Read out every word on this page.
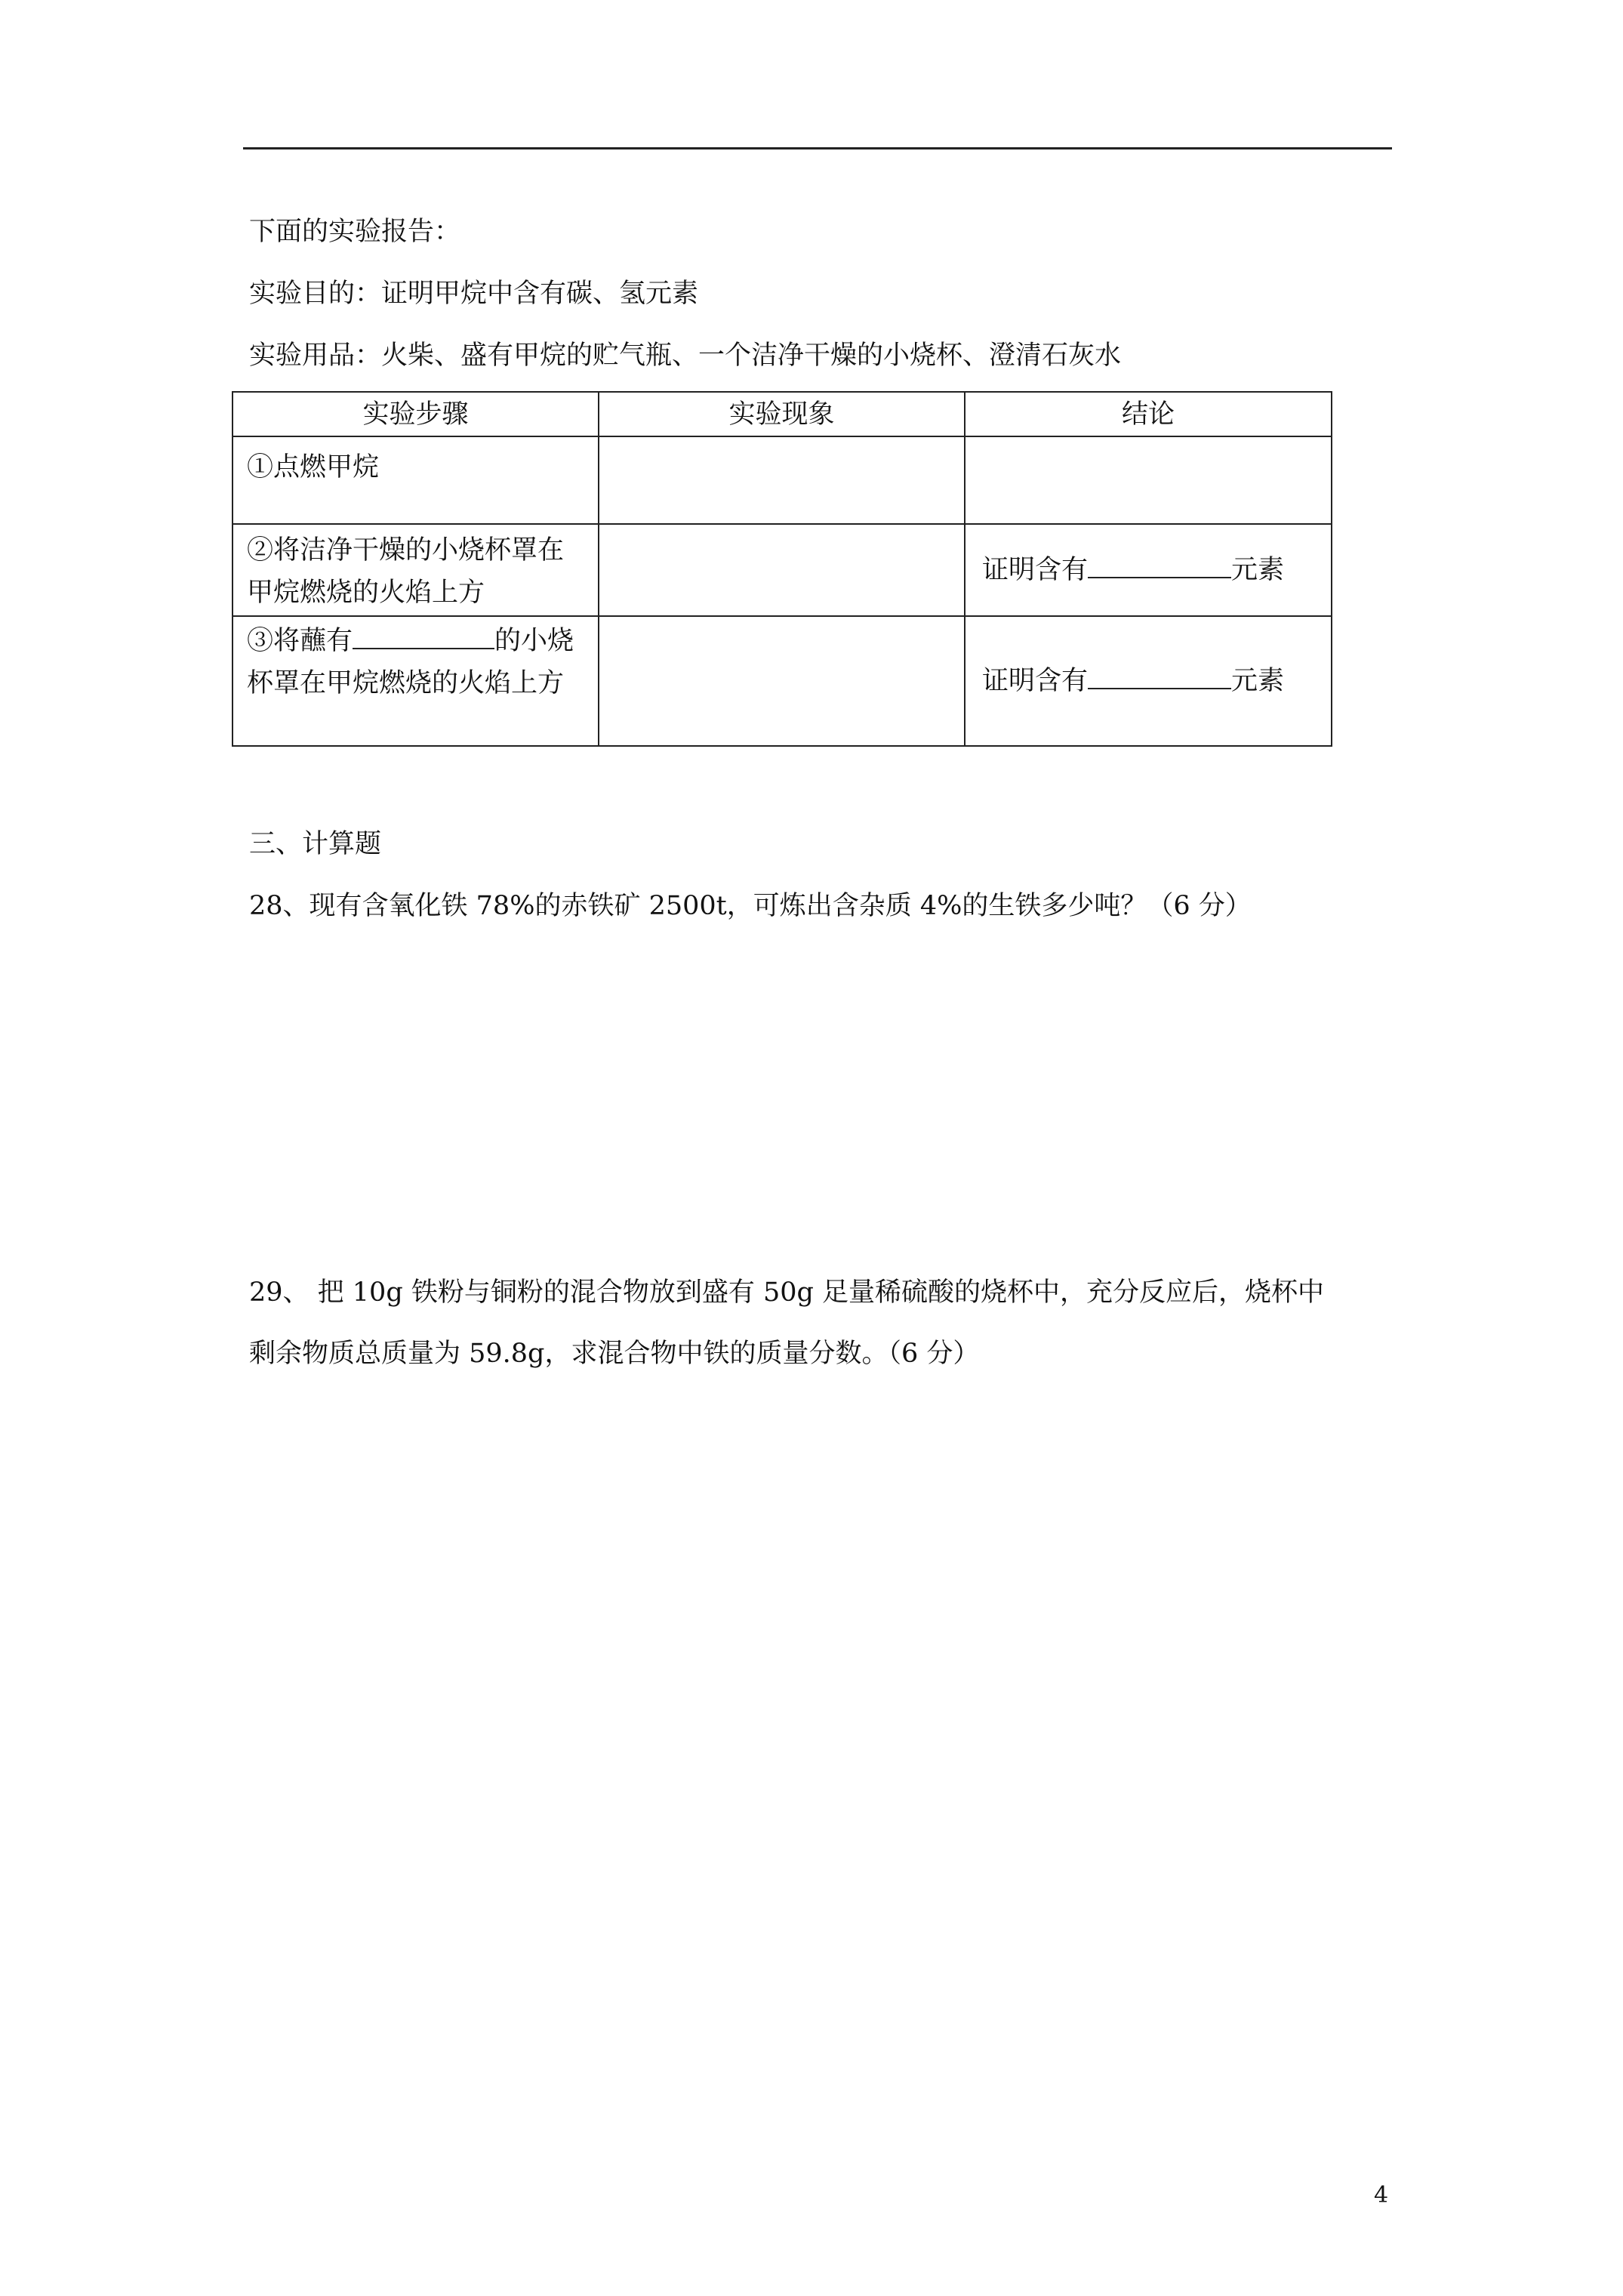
下面的实验报告：
实验目的：证明甲烷中含有碳、氢元素
实验用品：火柴、盛有甲烷的贮气瓶、一个洁净干燥的小烧杯、澄清石灰水
实验步骤	实验现象	结论

①点燃甲烷		

②将洁净干燥的小烧杯罩在甲烷燃烧的火焰上方		证明含有 元素

③将蘸有 的小烧杯罩在甲烷燃烧的火焰上方		证明含有 元素
三、计算题
28、现有含氧化铁 78%的赤铁矿 2500t，可炼出含杂质 4%的生铁多少吨？（6 分）
29、 把 10g 铁粉与铜粉的混合物放到盛有 50g 足量稀硫酸的烧杯中，充分反应后，烧杯中
剩余物质总质量为 59.8g，求混合物中铁的质量分数。（6 分）
4
